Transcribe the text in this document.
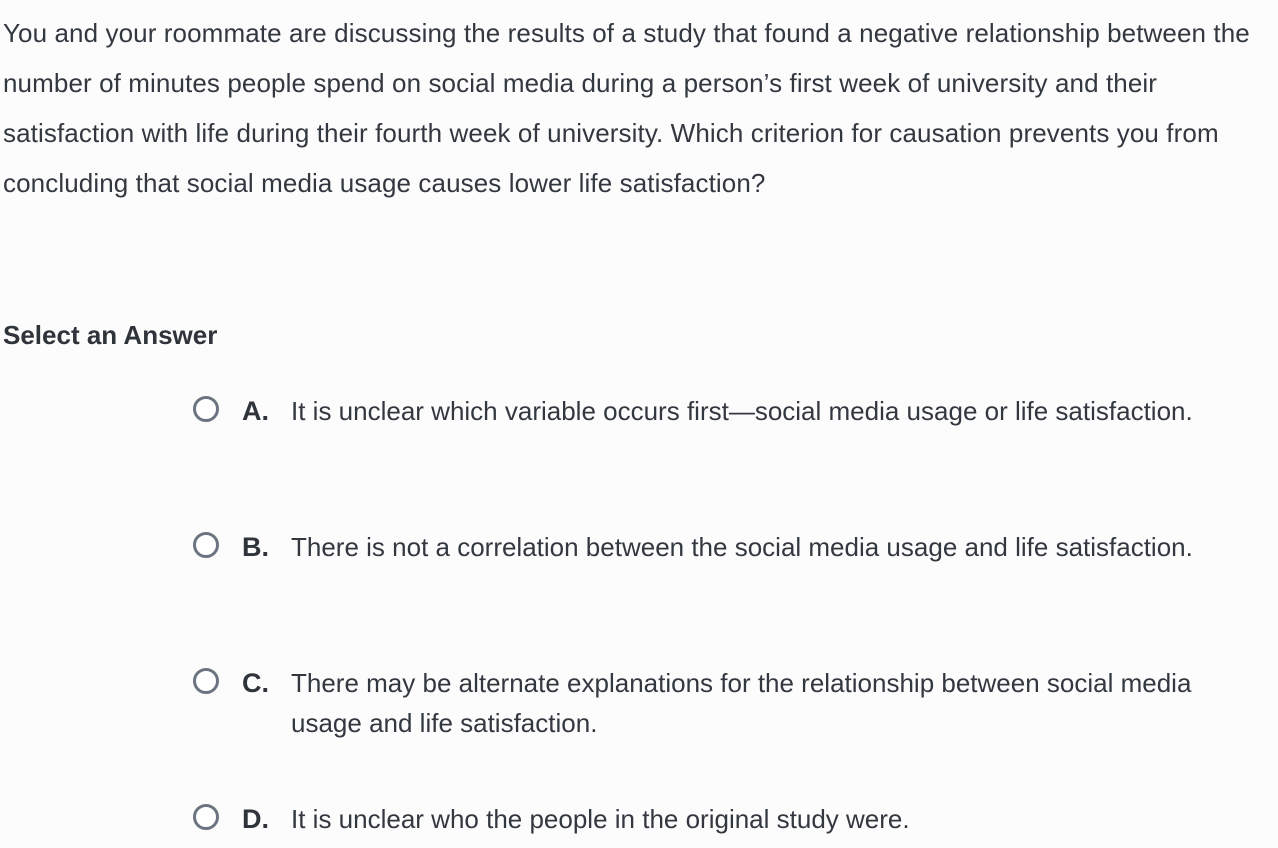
You and your roommate are discussing the results of a study that found a negative relationship between the number of minutes people spend on social media during a person’s first week of university and their satisfaction with life during their fourth week of university. Which criterion for causation prevents you from concluding that social media usage causes lower life satisfaction?

Select an Answer
A. It is unclear which variable occurs first—social media usage or life satisfaction.
B. There is not a correlation between the social media usage and life satisfaction.
C. There may be alternate explanations for the relationship between social media usage and life satisfaction.
D. It is unclear who the people in the original study were.
